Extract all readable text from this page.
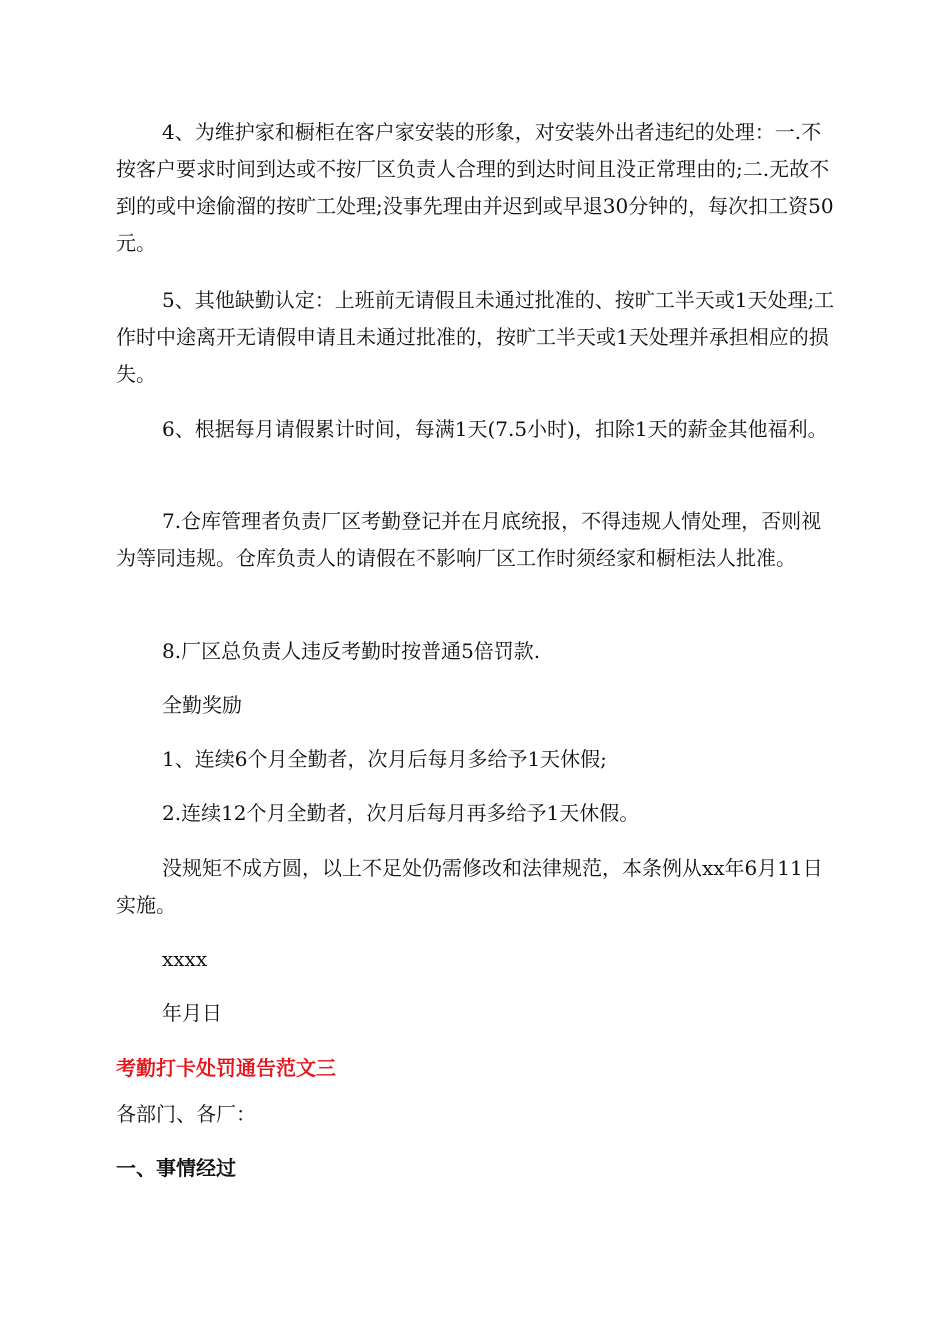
4、为维护家和橱柜在客户家安装的形象，对安装外出者违纪的处理：一.不按客户要求时间到达或不按厂区负责人合理的到达时间且没正常理由的;二.无故不到的或中途偷溜的按旷工处理;没事先理由并迟到或早退30分钟的，每次扣工资50元。

5、其他缺勤认定：上班前无请假且未通过批准的、按旷工半天或1天处理;工作时中途离开无请假申请且未通过批准的，按旷工半天或1天处理并承担相应的损失。

6、根据每月请假累计时间，每满1天(7.5小时)，扣除1天的薪金其他福利。

7.仓库管理者负责厂区考勤登记并在月底统报，不得违规人情处理，否则视为等同违规。仓库负责人的请假在不影响厂区工作时须经家和橱柜法人批准。

8.厂区总负责人违反考勤时按普通5倍罚款.

全勤奖励

1、连续6个月全勤者，次月后每月多给予1天休假;

2.连续12个月全勤者，次月后每月再多给予1天休假。

没规矩不成方圆，以上不足处仍需修改和法律规范，本条例从xx年6月11日实施。

xxxx

年月日

考勤打卡处罚通告范文三

各部门、各厂：

一、事情经过
